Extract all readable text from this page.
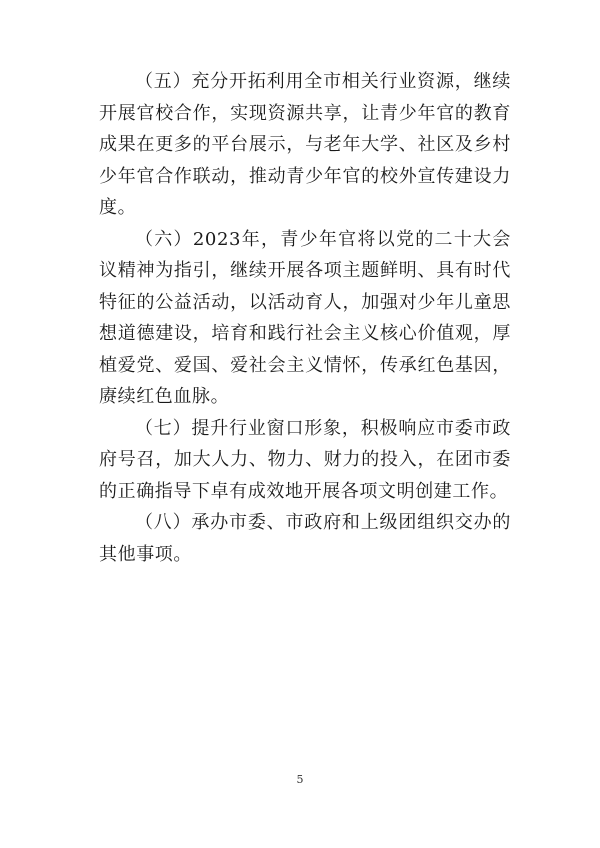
（五）充分开拓利用全市相关行业资源，继续开展官校合作，实现资源共享，让青少年官的教育成果在更多的平台展示，与老年大学、社区及乡村少年官合作联动，推动青少年官的校外宣传建设力度。

（六）2023年，青少年官将以党的二十大会议精神为指引，继续开展各项主题鲜明、具有时代特征的公益活动，以活动育人，加强对少年儿童思想道德建设，培育和践行社会主义核心价值观，厚植爱党、爱国、爱社会主义情怀，传承红色基因，赓续红色血脉。

（七）提升行业窗口形象，积极响应市委市政府号召，加大人力、物力、财力的投入，在团市委的正确指导下卓有成效地开展各项文明创建工作。

（八）承办市委、市政府和上级团组织交办的其他事项。

5
